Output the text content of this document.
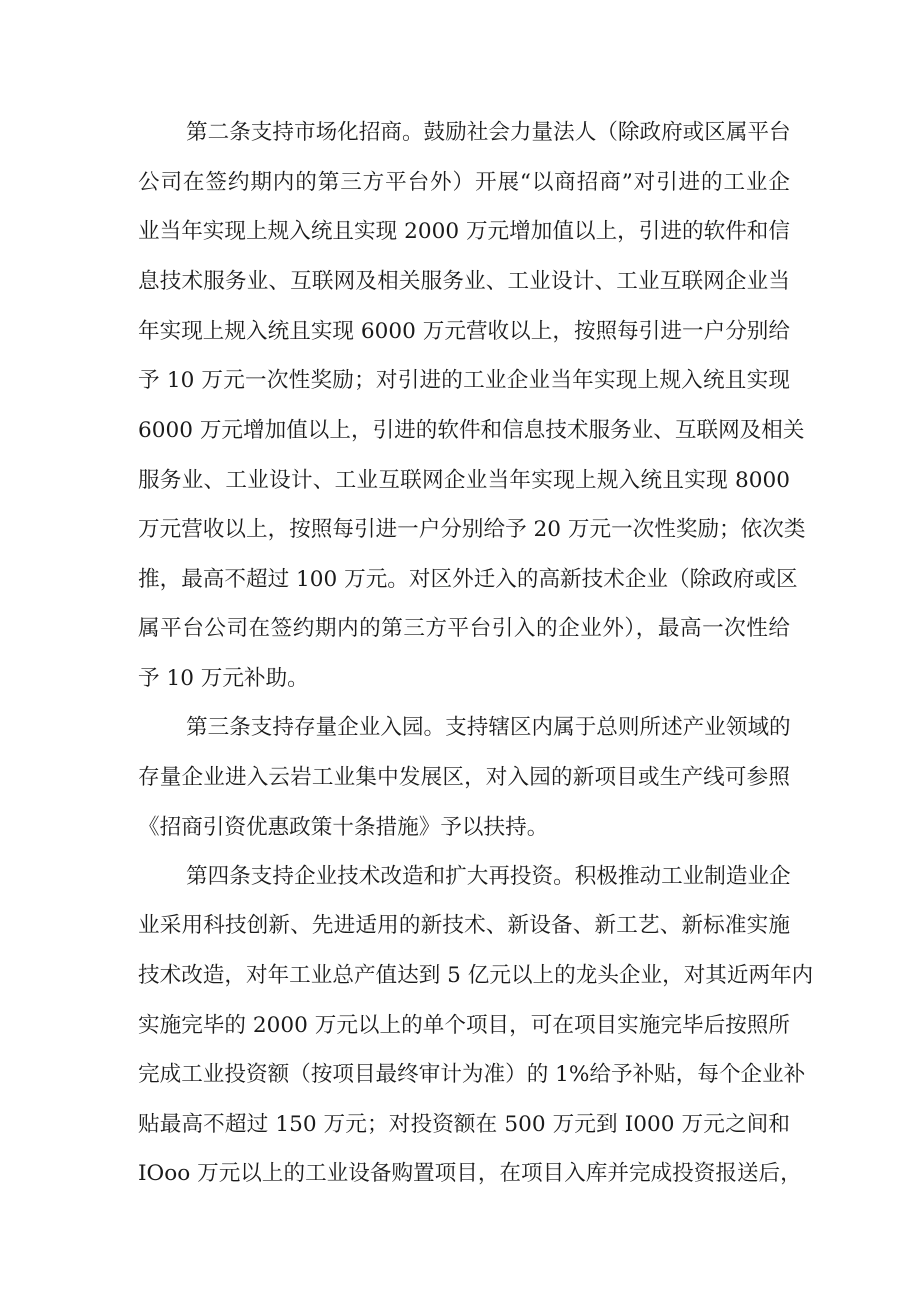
第二条支持市场化招商。鼓励社会力量法人（除政府或区属平台

公司在签约期内的第三方平台外）开展“以商招商”对引进的工业企

业当年实现上规入统且实现 2000 万元增加值以上，引进的软件和信

息技术服务业、互联网及相关服务业、工业设计、工业互联网企业当

年实现上规入统且实现 6000 万元营收以上，按照每引进一户分别给

予 10 万元一次性奖励；对引进的工业企业当年实现上规入统且实现

6000 万元增加值以上，引进的软件和信息技术服务业、互联网及相关

服务业、工业设计、工业互联网企业当年实现上规入统且实现 8000

万元营收以上，按照每引进一户分别给予 20 万元一次性奖励；依次类

推，最高不超过 100 万元。对区外迁入的高新技术企业（除政府或区

属平台公司在签约期内的第三方平台引入的企业外），最高一次性给

予 10 万元补助。

第三条支持存量企业入园。支持辖区内属于总则所述产业领域的

存量企业进入云岩工业集中发展区，对入园的新项目或生产线可参照

《招商引资优惠政策十条措施》予以扶持。

第四条支持企业技术改造和扩大再投资。积极推动工业制造业企

业采用科技创新、先进适用的新技术、新设备、新工艺、新标准实施

技术改造，对年工业总产值达到 5 亿元以上的龙头企业，对其近两年内

实施完毕的 2000 万元以上的单个项目，可在项目实施完毕后按照所

完成工业投资额（按项目最终审计为准）的 1%给予补贴，每个企业补

贴最高不超过 150 万元；对投资额在 500 万元到 I000 万元之间和

IOoo 万元以上的工业设备购置项目，在项目入库并完成投资报送后，
